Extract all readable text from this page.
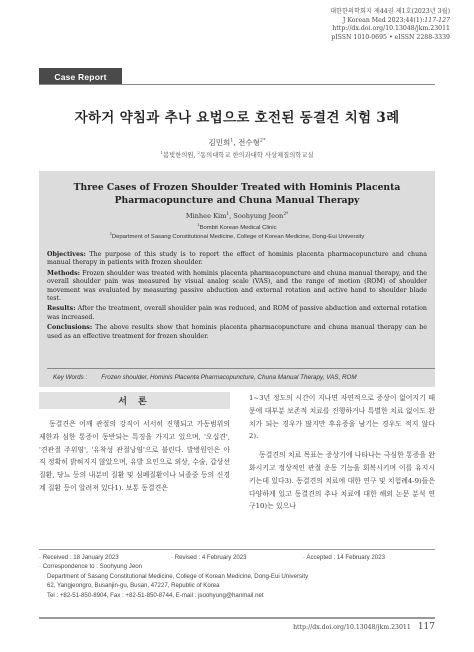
대한한의학회지 제44권 제1호(2023년 3월)
J Korean Med 2023;44(1):117-127
http://dx.doi.org/10.13048/jkm.23011
pISSN 1010-0695 • eISSN 2288-3339
Case Report
자하거 약침과 추나 요법으로 호전된 동결견 치험 3례
김민희$^1$, 전수형$^{2*}$
$^1$봄빛한의원, $^2$동의대학교 한의과대학 사상체질의학교실
Three Cases of Frozen Shoulder Treated with Hominis Placenta
Pharmacopuncture and Chuna Manual Therapy
Minhee Kim$^1$, Soohyung Jeon$^{2*}$
$^1$Bombit Korean Medical Clinic
$^2$Department of Sasang Constitutional Medicine, College of Korean Medicine, Dong-Eui University

Objectives: The purpose of this study is to report the effect of hominis placenta pharmacopuncture and chuna manual therapy in patients with frozen shoulder.

Methods: Frozen shoulder was treated with hominis placenta pharmacopuncture and chuna manual therapy, and the overall shoulder pain was measured by visual analog scale (VAS), and the range of motion (ROM) of shoulder movement was evaluated by measuring passive abduction and external rotation and active hand to shoulder blade test.

Results: After the treatment, overall shoulder pain was reduced, and ROM of passive abduction and external rotation was increased.

Conclusions: The above results show that hominis placenta pharmacopuncture and chuna manual therapy can be used as an effective treatment for frozen shoulder.

Key Words : Frozen shoulder, Hominis Placenta Pharmacopuncture, Chuna Manual Therapy, VAS, ROM
서 론

동결견은 어깨 관절의 강직이 서서히 진행되고 가동범위의 제한과 심한 통증이 동반되는 특징을 가지고 있으며, '오십견', '견관절 주위염', '유착성 관절낭염'으로 불린다. 발병원인은 아직 정확히 밝혀지지 않았으며, 유발 요인으로 외상, 수술, 갑상선 질환, 당뇨 등의 내분비 질환 및 심폐질환이나 뇌졸중 등의 신경계 질환 등이 알려져 있다1). 보통 동결견은

1~3년 정도의 시간이 지나면 자연적으로 증상이 없어지기 때문에 대부분 보존적 치료를 진행하거나 특별한 치료 없이도 완치가 되는 경우가 많지만 후유증을 남기는 경우도 적지 않다2).

동결견의 치료 목표는 증상기에 나타나는 극심한 통증을 완화시키고 정상적인 관절 운동 기능을 회복시키며 이를 유지시키는데 있다3). 동결견의 치료에 대한 연구 및 치험례4-9)들은 다양하게 있고 동결견의 추나 치료에 대한 해외 논문 분석 연구10)는 있으나

· Received : 18 January 2023	· Revised : 4 February 2023	· Accepted : 14 February 2023
· Correspondence to : Soohyung Jeon
Department of Sasang Constitutional Medicine, College of Korean Medicine, Dong-Eui University
62, Yangjeongro, Busanjin-gu, Busan, 47227, Republic of Korea
Tel : +82-51-850-8904, Fax : +82-51-850-8744, E-mail : jsoohyung@hanmail.net
http://dx.doi.org/10.13048/jkm.23011 117
